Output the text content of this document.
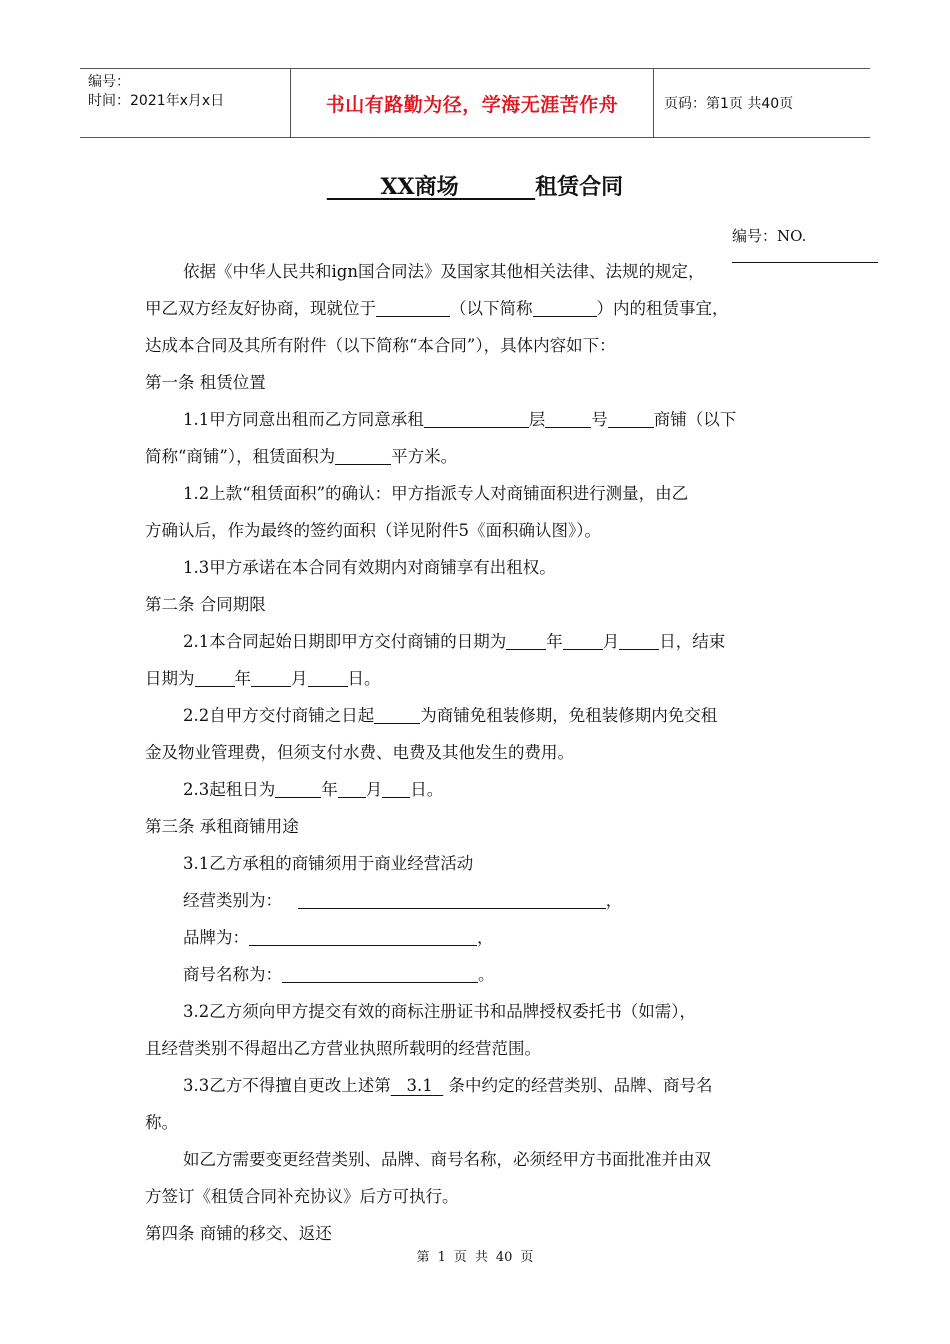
编号：
时间：2021年x月x日	书山有路勤为径，学海无涯苦作舟	页码：第1页 共40页
XX商场	租赁合同
编号：NO.
依据《中华人民共和ign国合同法》及国家其他相关法律、法规的规定，
甲乙双方经友好协商，现就位于	（以下简称	）内的租赁事宜，
达成本合同及其所有附件（以下简称“本合同”），具体内容如下：
第一条 租赁位置
1.1甲方同意出租而乙方同意承租	层	号	商铺（以下
简称“商铺”），租赁面积为	平方米。
1.2上款“租赁面积”的确认：甲方指派专人对商铺面积进行测量，由乙
方确认后，作为最终的签约面积（详见附件5《面积确认图》）。
1.3甲方承诺在本合同有效期内对商铺享有出租权。
第二条 合同期限
2.1本合同起始日期即甲方交付商铺的日期为 年 月 日，结束
日期为 年 月 日。
2.2自甲方交付商铺之日起	为商铺免租装修期，免租装修期内免交租
金及物业管理费，但须支付水费、电费及其他发生的费用。
2.3起租日为	年 月 日。
第三条 承租商铺用途
3.1乙方承租的商铺须用于商业经营活动
经营类别为：	，
品牌为：	，
商号名称为：	。
3.2乙方须向甲方提交有效的商标注册证书和品牌授权委托书（如需），
且经营类别不得超出乙方营业执照所载明的经营范围。
3.3乙方不得擅自更改上述第 3.1 条中约定的经营类别、品牌、商号名
称。
如乙方需要变更经营类别、品牌、商号名称，必须经甲方书面批准并由双
方签订《租赁合同补充协议》后方可执行。
第四条 商铺的移交、返还
第 1 页 共 40 页
